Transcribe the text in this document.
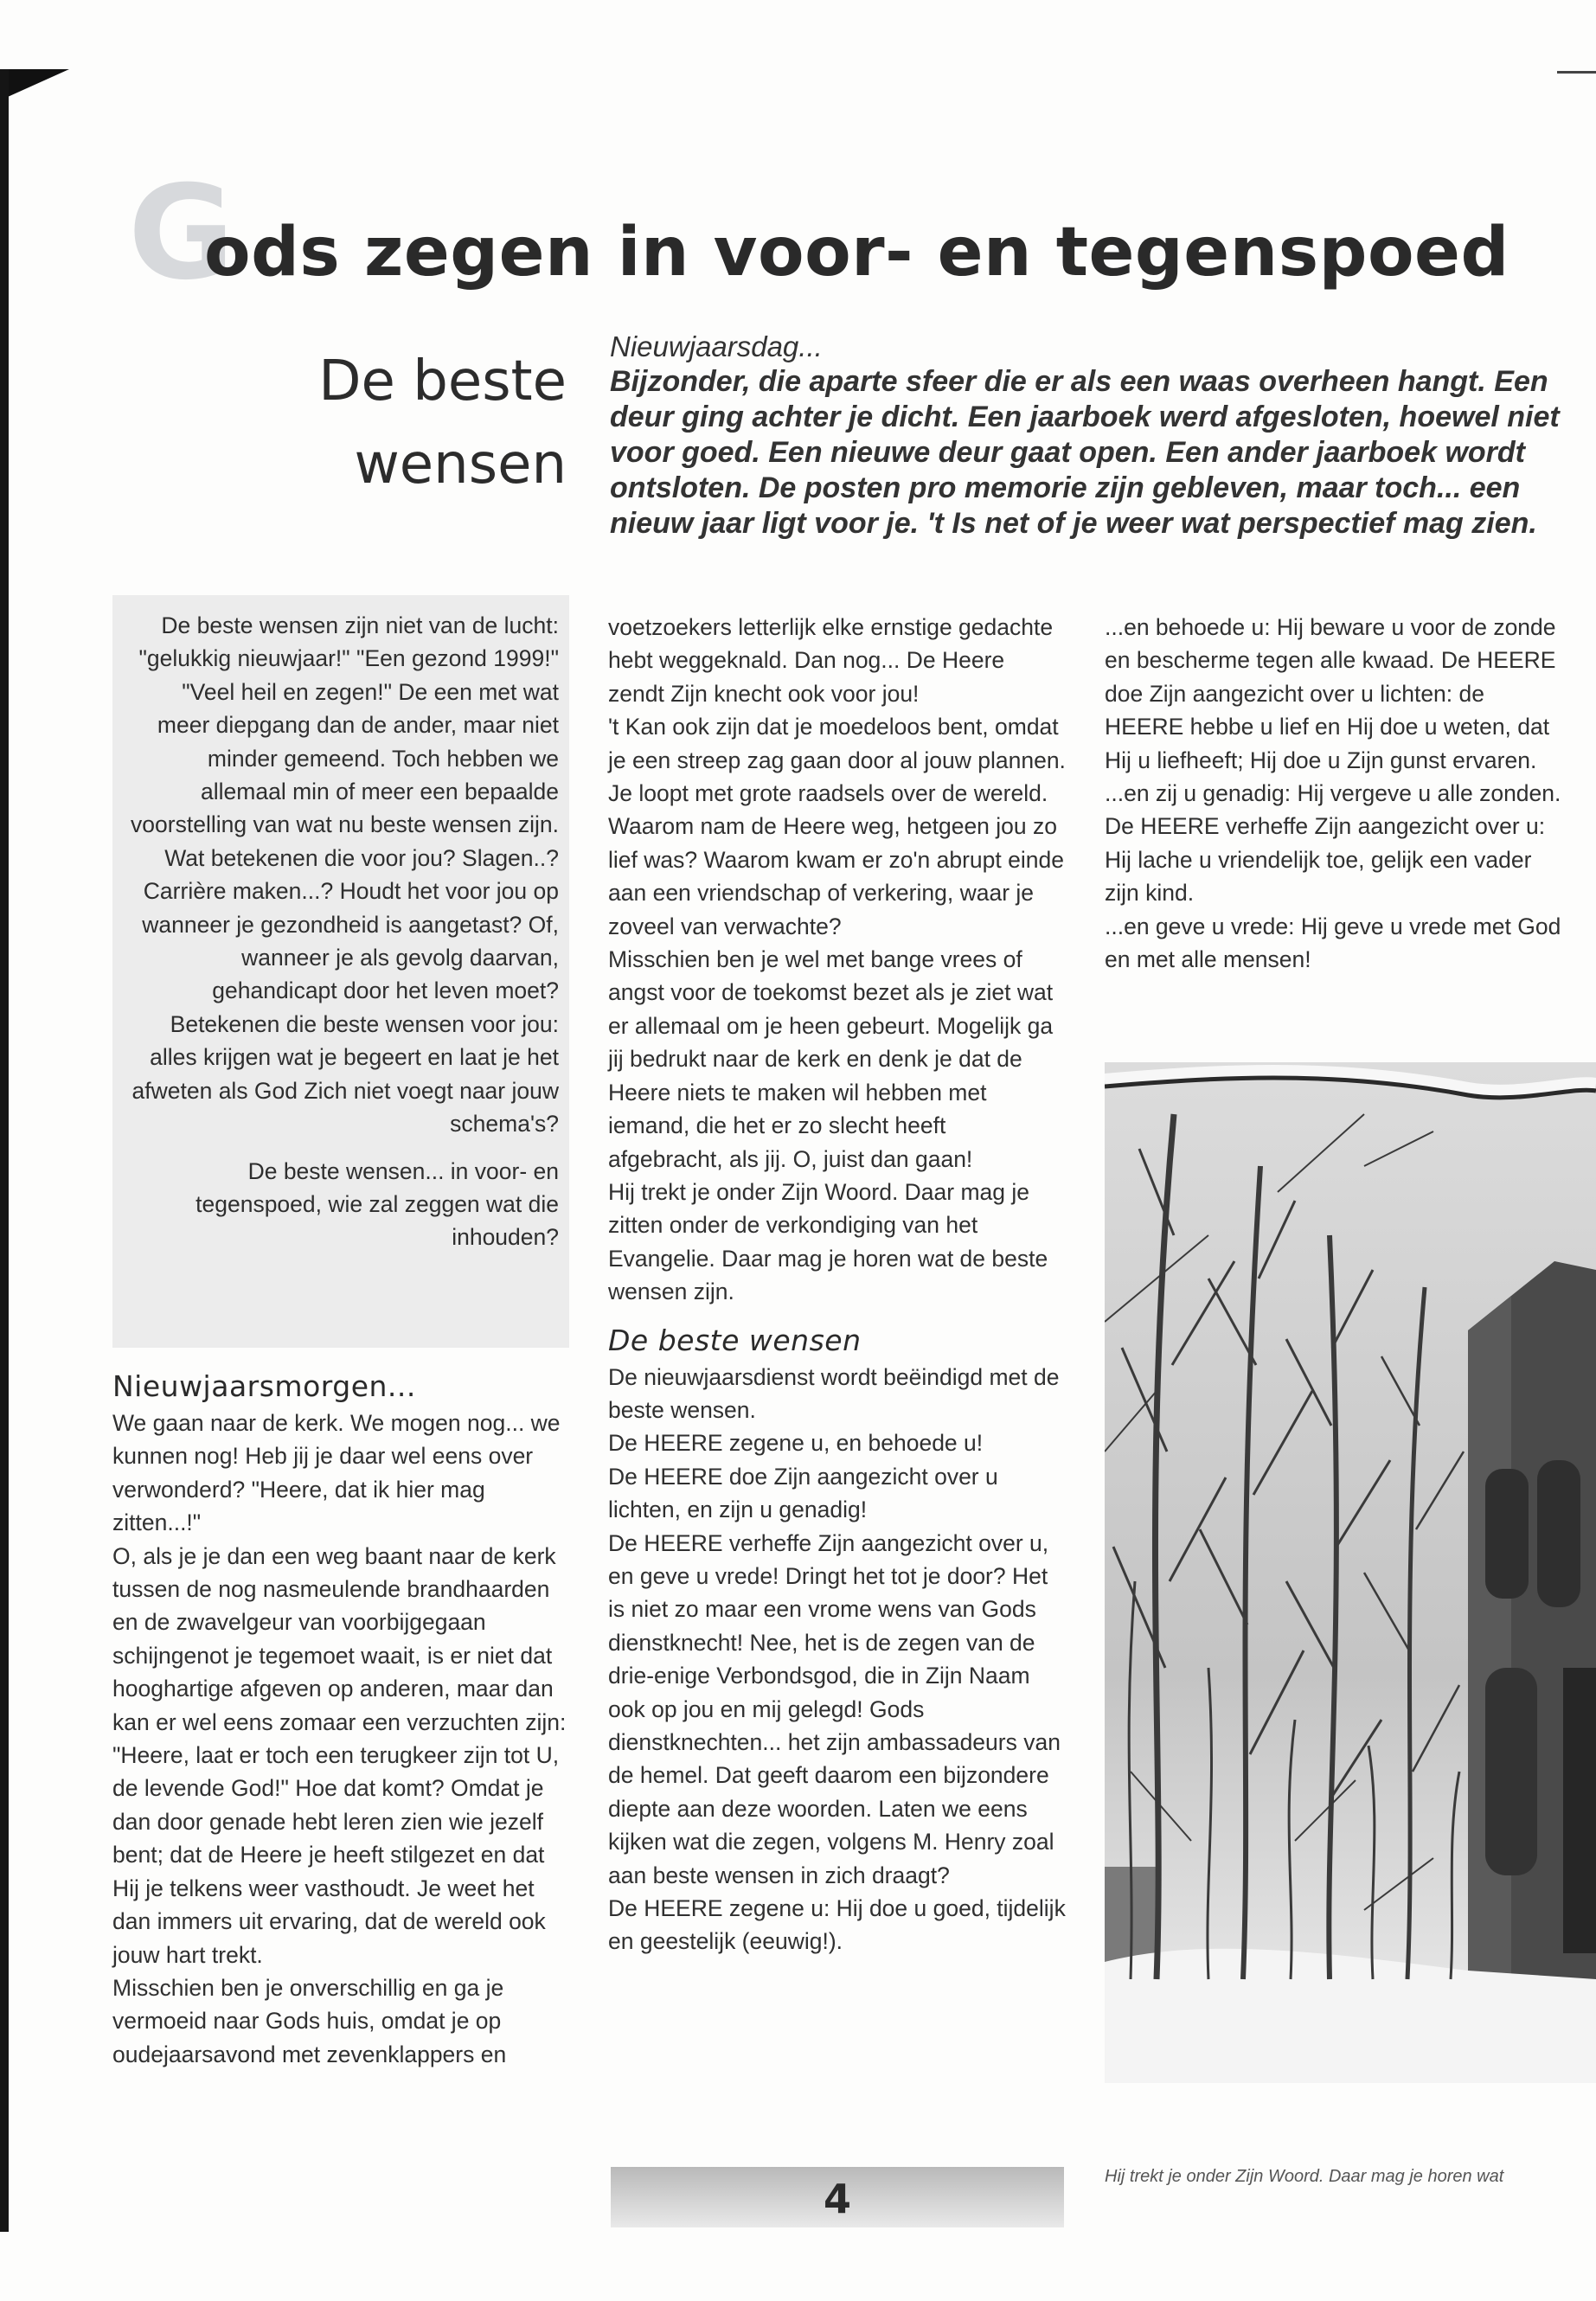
G
ods zegen in voor- en tegenspoed
De beste
wensen
Nieuwjaarsdag...
Bijzonder, die aparte sfeer die er als een waas overheen hangt. Een deur ging achter je dicht. Een jaarboek werd afgesloten, hoewel niet voor goed. Een nieuwe deur gaat open. Een ander jaarboek wordt ontsloten. De posten pro memorie zijn gebleven, maar toch... een nieuw jaar ligt voor je. 't Is net of je weer wat perspectief mag zien.

De beste wensen zijn niet van de lucht: "gelukkig nieuwjaar!" "Een gezond 1999!" "Veel heil en zegen!" De een met wat meer diepgang dan de ander, maar niet minder gemeend. Toch hebben we allemaal min of meer een bepaalde voorstelling van wat nu beste wensen zijn. Wat betekenen die voor jou? Slagen..? Carrière maken...? Houdt het voor jou op wanneer je gezondheid is aangetast? Of, wanneer je als gevolg daarvan, gehandicapt door het leven moet? Betekenen die beste wensen voor jou: alles krijgen wat je begeert en laat je het afweten als God Zich niet voegt naar jouw schema's?

De beste wensen... in voor- en tegenspoed, wie zal zeggen wat die inhouden?

Nieuwjaarsmorgen...

We gaan naar de kerk. We mogen nog... we kunnen nog! Heb jij je daar wel eens over verwonderd? "Heere, dat ik hier mag zitten...!"

O, als je je dan een weg baant naar de kerk tussen de nog nasmeulende brandhaarden en de zwavelgeur van voorbijgegaan schijngenot je tegemoet waait, is er niet dat hooghartige afgeven op anderen, maar dan kan er wel eens zomaar een verzuchten zijn: "Heere, laat er toch een terugkeer zijn tot U, de levende God!" Hoe dat komt? Omdat je dan door genade hebt leren zien wie jezelf bent; dat de Heere je heeft stilgezet en dat Hij je telkens weer vasthoudt. Je weet het dan immers uit ervaring, dat de wereld ook jouw hart trekt.

Misschien ben je onverschillig en ga je vermoeid naar Gods huis, omdat je op oudejaarsavond met zevenklappers en

voetzoekers letterlijk elke ernstige gedachte hebt weggeknald. Dan nog... De Heere zendt Zijn knecht ook voor jou!

't Kan ook zijn dat je moedeloos bent, omdat je een streep zag gaan door al jouw plannen. Je loopt met grote raadsels over de wereld. Waarom nam de Heere weg, hetgeen jou zo lief was? Waarom kwam er zo'n abrupt einde aan een vriendschap of verkering, waar je zoveel van verwachte?

Misschien ben je wel met bange vrees of angst voor de toekomst bezet als je ziet wat er allemaal om je heen gebeurt. Mogelijk ga jij bedrukt naar de kerk en denk je dat de Heere niets te maken wil hebben met iemand, die het er zo slecht heeft afgebracht, als jij. O, juist dan gaan!

Hij trekt je onder Zijn Woord. Daar mag je zitten onder de verkondiging van het Evangelie. Daar mag je horen wat de beste wensen zijn.

De beste wensen

De nieuwjaarsdienst wordt beëindigd met de beste wensen.

De HEERE zegene u, en behoede u!

De HEERE doe Zijn aangezicht over u lichten, en zijn u genadig!

De HEERE verheffe Zijn aangezicht over u, en geve u vrede! Dringt het tot je door? Het is niet zo maar een vrome wens van Gods dienstknecht! Nee, het is de zegen van de drie-enige Verbondsgod, die in Zijn Naam ook op jou en mij gelegd! Gods dienstknechten... het zijn ambassadeurs van de hemel. Dat geeft daarom een bijzondere diepte aan deze woorden. Laten we eens kijken wat die zegen, volgens M. Henry zoal aan beste wensen in zich draagt?

De HEERE zegene u: Hij doe u goed, tijdelijk en geestelijk (eeuwig!).

...en behoede u: Hij beware u voor de zonde en bescherme tegen alle kwaad. De HEERE doe Zijn aangezicht over u lichten: de HEERE hebbe u lief en Hij doe u weten, dat Hij u liefheeft; Hij doe u Zijn gunst ervaren.

...en zij u genadig: Hij vergeve u alle zonden.

De HEERE verheffe Zijn aangezicht over u: Hij lache u vriendelijk toe, gelijk een vader zijn kind.

...en geve u vrede: Hij geve u vrede met God en met alle mensen!

Hij trekt je onder Zijn Woord. Daar mag je horen wat
4
